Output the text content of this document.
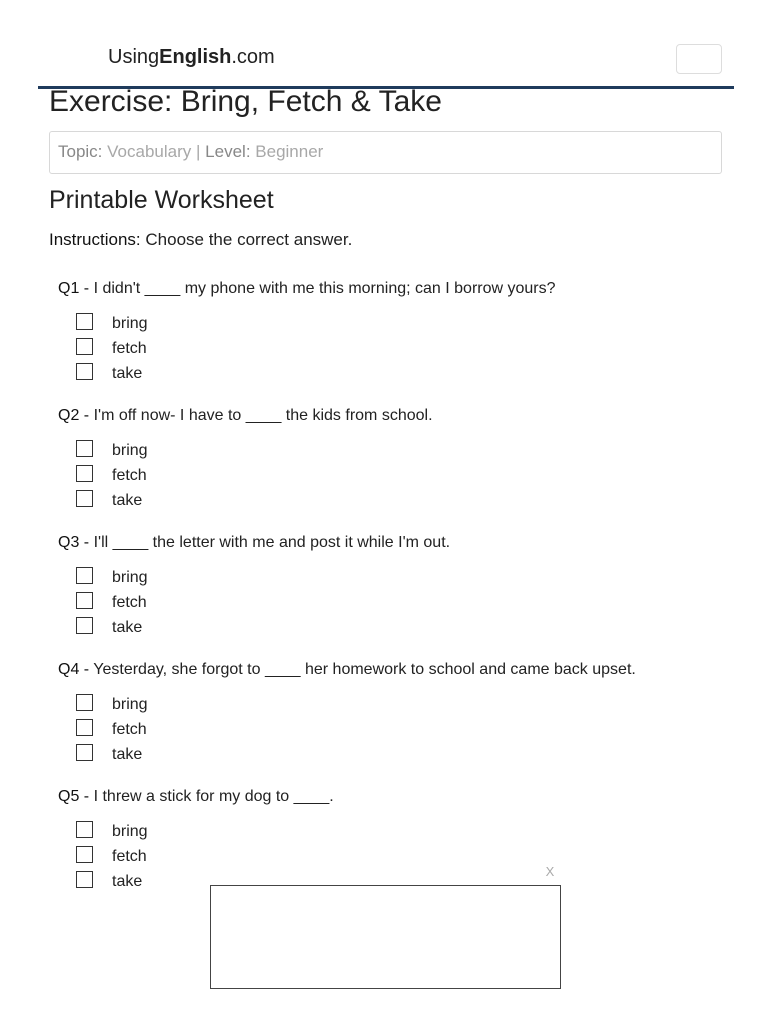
UsingEnglish.com
Exercise: Bring, Fetch & Take
Topic: Vocabulary | Level: Beginner
Printable Worksheet
Instructions: Choose the correct answer.
Q1 - I didn't ____ my phone with me this morning; can I borrow yours?
bring
fetch
take
Q2 - I'm off now- I have to ____ the kids from school.
bring
fetch
take
Q3 - I'll ____ the letter with me and post it while I'm out.
bring
fetch
take
Q4 - Yesterday, she forgot to ____ her homework to school and came back upset.
bring
fetch
take
Q5 - I threw a stick for my dog to ____.
bring
fetch
take
X
